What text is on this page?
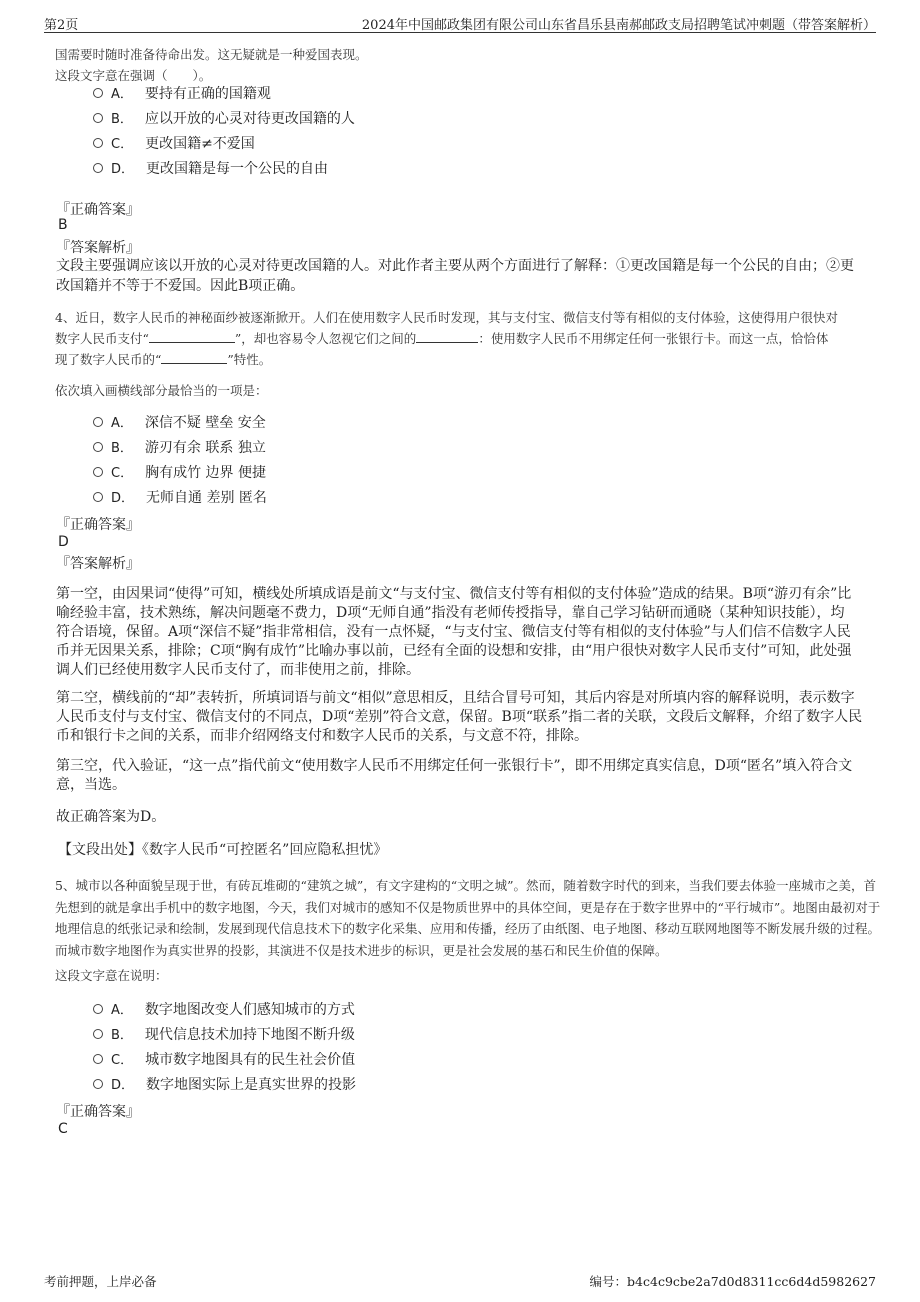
第2页	2024年中国邮政集团有限公司山东省昌乐县南郝邮政支局招聘笔试冲刺题（带答案解析）

国需要时随时准备待命出发。这无疑就是一种爱国表现。

这段文字意在强调（　　）。

A． 要持有正确的国籍观
B． 应以开放的心灵对待更改国籍的人
C． 更改国籍≠不爱国
D． 更改国籍是每一个公民的自由
『正确答案』
B
『答案解析』
文段主要强调应该以开放的心灵对待更改国籍的人。对此作者主要从两个方面进行了解释：①更改国籍是每一个公民的自由；②更改国籍并不等于不爱国。因此B项正确。

4、近日，数字人民币的神秘面纱被逐渐掀开。人们在使用数字人民币时发现，其与支付宝、微信支付等有相似的支付体验，这使得用户很快对

数字人民币支付“	”，却也容易令人忽视它们之间的	：使用数字人民币不用绑定任何一张银行卡。而这一点，恰恰体

现了数字人民币的“	”特性。

依次填入画横线部分最恰当的一项是：
A． 深信不疑 壁垒 安全
B． 游刃有余 联系 独立
C． 胸有成竹 边界 便捷
D． 无师自通 差别 匿名
『正确答案』
D
『答案解析』
第一空，由因果词“使得”可知，横线处所填成语是前文“与支付宝、微信支付等有相似的支付体验”造成的结果。B项“游刃有余”比喻经验丰富，技术熟练，解决问题毫不费力，D项“无师自通”指没有老师传授指导，靠自己学习钻研而通晓（某种知识技能），均符合语境，保留。A项“深信不疑”指非常相信，没有一点怀疑，“与支付宝、微信支付等有相似的支付体验”与人们信不信数字人民币并无因果关系，排除；C项“胸有成竹”比喻办事以前，已经有全面的设想和安排，由“用户很快对数字人民币支付”可知，此处强调人们已经使用数字人民币支付了，而非使用之前，排除。
第二空，横线前的“却”表转折，所填词语与前文“相似”意思相反，且结合冒号可知，其后内容是对所填内容的解释说明，表示数字人民币支付与支付宝、微信支付的不同点，D项“差别”符合文意，保留。B项“联系”指二者的关联，文段后文解释，介绍了数字人民币和银行卡之间的关系，而非介绍网络支付和数字人民币的关系，与文意不符，排除。
第三空，代入验证，“这一点”指代前文“使用数字人民币不用绑定任何一张银行卡”，即不用绑定真实信息，D项“匿名”填入符合文意，当选。
故正确答案为D。
【文段出处】《数字人民币“可控匿名”回应隐私担忧》
5、城市以各种面貌呈现于世，有砖瓦堆砌的“建筑之城”，有文字建构的“文明之城”。然而，随着数字时代的到来，当我们要去体验一座城市之美，首先想到的就是拿出手机中的数字地图，今天，我们对城市的感知不仅是物质世界中的具体空间，更是存在于数字世界中的“平行城市”。地图由最初对于地理信息的纸张记录和绘制，发展到现代信息技术下的数字化采集、应用和传播，经历了由纸图、电子地图、移动互联网地图等不断发展升级的过程。而城市数字地图作为真实世界的投影，其演进不仅是技术进步的标识，更是社会发展的基石和民生价值的保障。
这段文字意在说明：
A． 数字地图改变人们感知城市的方式
B． 现代信息技术加持下地图不断升级
C． 城市数字地图具有的民生社会价值
D． 数字地图实际上是真实世界的投影
『正确答案』
C
考前押题，上岸必备	编号：b4c4c9cbe2a7d0d8311cc6d4d5982627
